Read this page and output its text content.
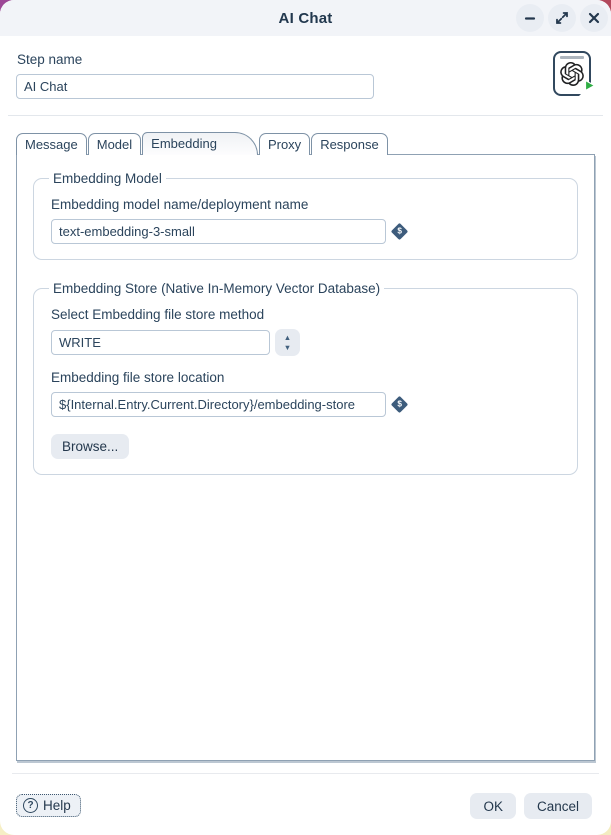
AI Chat
Step name
AI Chat
Message	Model	Embedding	Proxy	Response
Embedding Model
Embedding model name/deployment name
text-embedding-3-small
$
Embedding Store (Native In-Memory Vector Database)
Select Embedding file store method
WRITE
▲
▼
Embedding file store location
${Internal.Entry.Current.Directory}/embedding-store
$
Browse...
? Help	OK	Cancel
